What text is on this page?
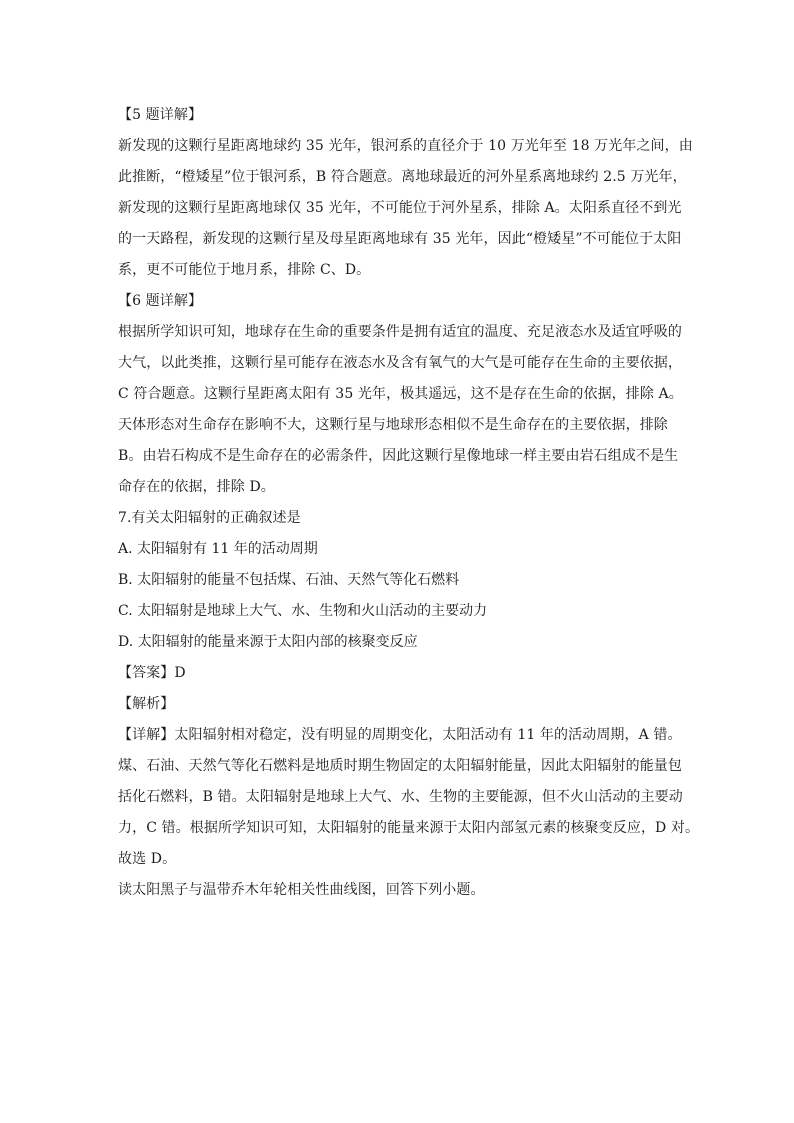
【5 题详解】
新发现的这颗行星距离地球约 35 光年，银河系的直径介于 10 万光年至 18 万光年之间，由
此推断，“橙矮星”位于银河系，B 符合题意。离地球最近的河外星系离地球约 2.5 万光年，
新发现的这颗行星距离地球仅 35 光年，不可能位于河外星系，排除 A。太阳系直径不到光
的一天路程，新发现的这颗行星及母星距离地球有 35 光年，因此“橙矮星”不可能位于太阳
系，更不可能位于地月系，排除 C、D。
【6 题详解】
根据所学知识可知，地球存在生命的重要条件是拥有适宜的温度、充足液态水及适宜呼吸的
大气，以此类推，这颗行星可能存在液态水及含有氧气的大气是可能存在生命的主要依据，
C 符合题意。这颗行星距离太阳有 35 光年，极其遥远，这不是存在生命的依据，排除 A。
天体形态对生命存在影响不大，这颗行星与地球形态相似不是生命存在的主要依据，排除
B。由岩石构成不是生命存在的必需条件，因此这颗行星像地球一样主要由岩石组成不是生
命存在的依据，排除 D。
7.有关太阳辐射的正确叙述是
A. 太阳辐射有 11 年的活动周期
B. 太阳辐射的能量不包括煤、石油、天然气等化石燃料
C. 太阳辐射是地球上大气、水、生物和火山活动的主要动力
D. 太阳辐射的能量来源于太阳内部的核聚变反应
【答案】D
【解析】
【详解】太阳辐射相对稳定，没有明显的周期变化，太阳活动有 11 年的活动周期，A 错。
煤、石油、天然气等化石燃料是地质时期生物固定的太阳辐射能量，因此太阳辐射的能量包
括化石燃料，B 错。太阳辐射是地球上大气、水、生物的主要能源，但不火山活动的主要动
力，C 错。根据所学知识可知，太阳辐射的能量来源于太阳内部氢元素的核聚变反应，D 对。
故选 D。
读太阳黑子与温带乔木年轮相关性曲线图，回答下列小题。
